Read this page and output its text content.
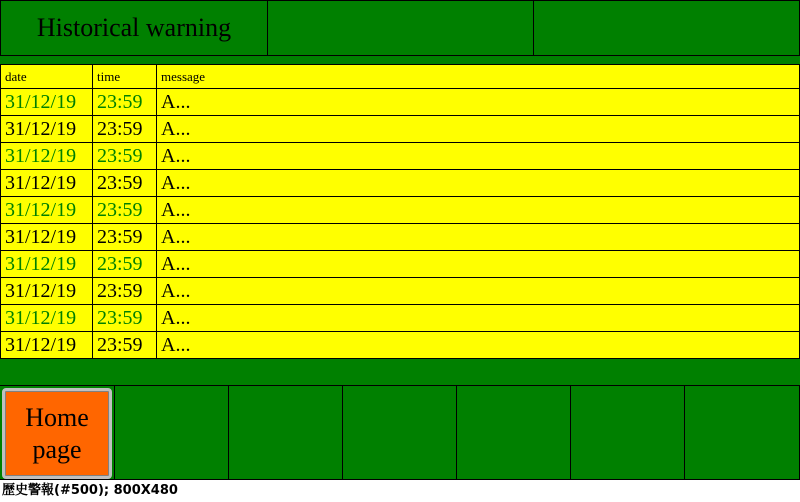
Historical warning
date	time	message
31/12/19	23:59 A...
31/12/19	23:59 A...
31/12/19	23:59 A...
31/12/19	23:59 A...
31/12/19	23:59 A...
31/12/19	23:59 A...
31/12/19	23:59 A...
31/12/19	23:59 A...
31/12/19	23:59 A...
31/12/19	23:59 A...
Home
page
歷史警報(#500); 800X480
